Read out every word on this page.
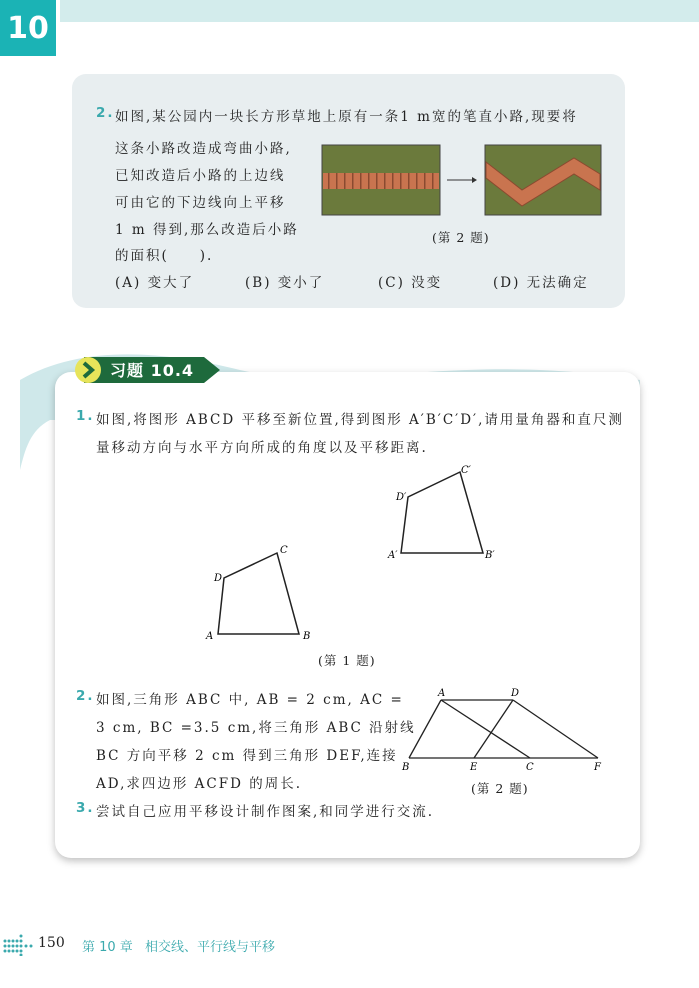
10
2. 如图,某公园内一块长方形草地上原有一条1 m宽的笔直小路,现要将
这条小路改造成弯曲小路,
已知改造后小路的上边线
可由它的下边线向上平移
1 m 得到,那么改造后小路
的面积(　　).
(A) 变大了	(B) 变小了	(C) 没变	(D) 无法确定
(第 2 题)
习题 10.4
1. 如图,将图形 ABCD 平移至新位置,得到图形 A′B′C′D′,请用量角器和直尺测
量移动方向与水平方向所成的角度以及平移距离.
A	B
C
D
A′	B′
C′
D′
A	D
B	E	C	F
(第 1 题)
2. 如图,三角形 ABC 中, AB = 2 cm, AC =
3 cm, BC =3.5 cm,将三角形 ABC 沿射线
BC 方向平移 2 cm 得到三角形 DEF,连接
AD,求四边形 ACFD 的周长.	(第 2 题)
3. 尝试自己应用平移设计制作图案,和同学进行交流.
150 第 10 章 相交线、平行线与平移
